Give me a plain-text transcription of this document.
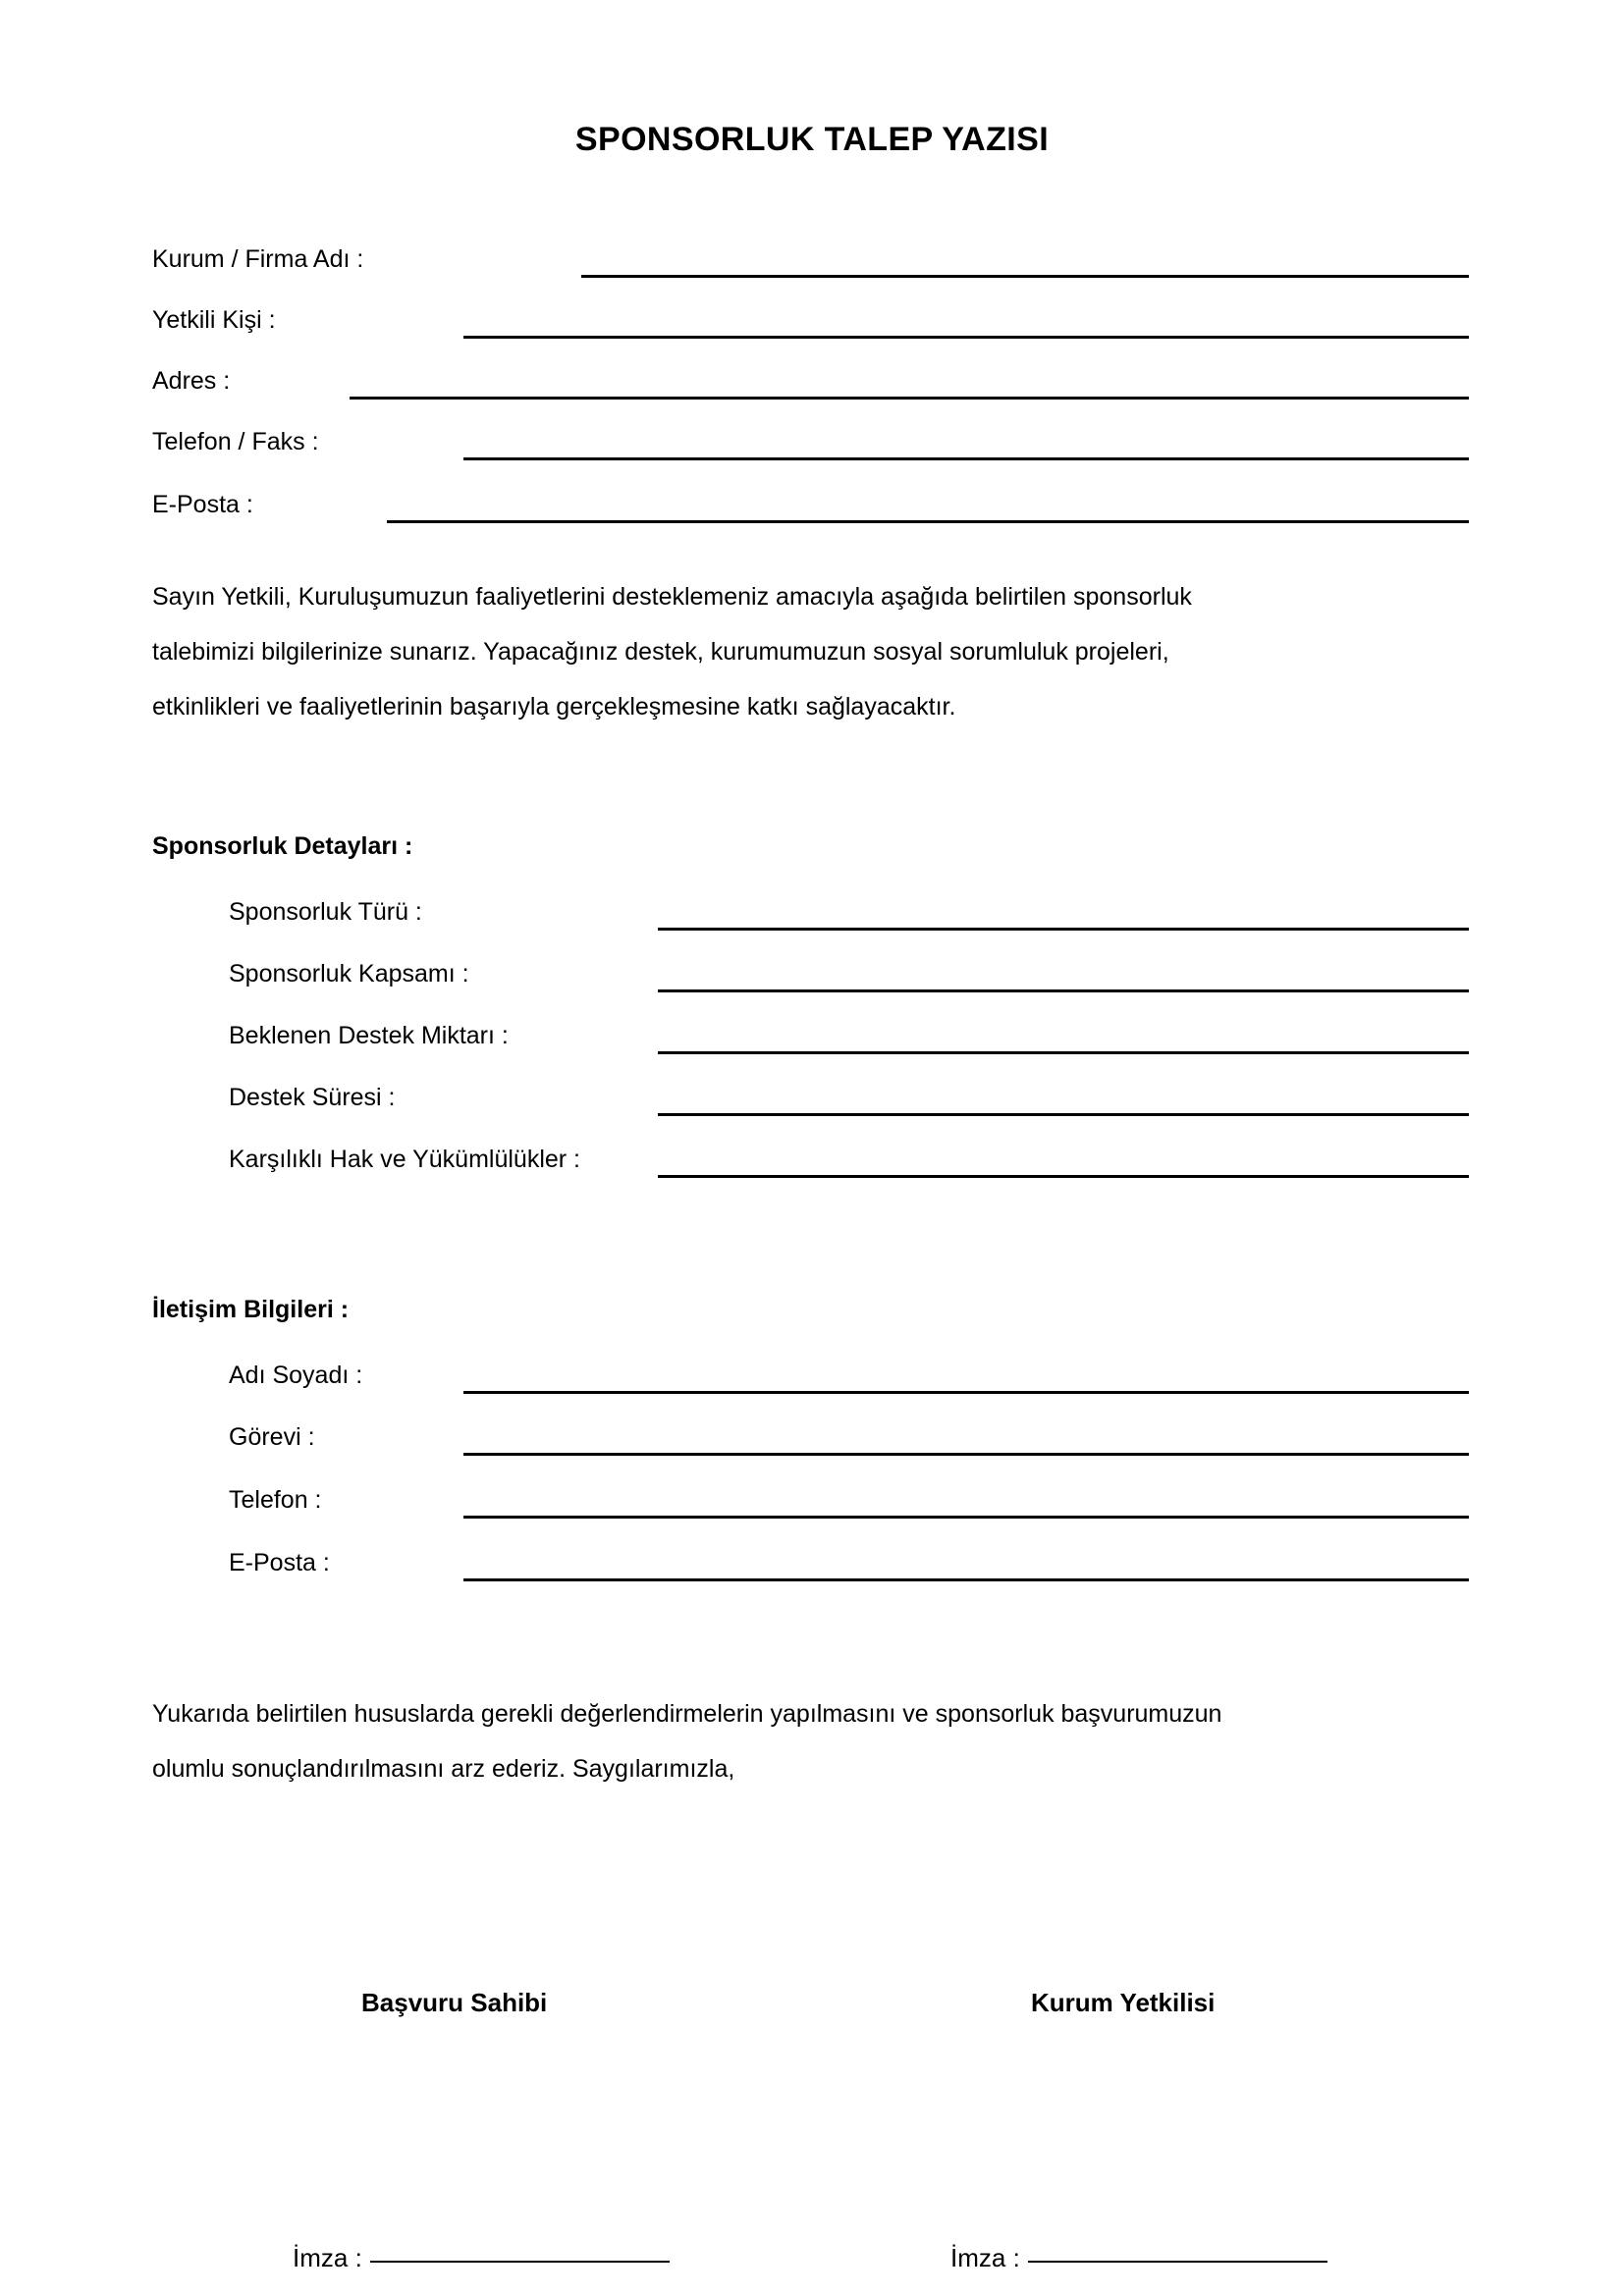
SPONSORLUK TALEP YAZISI
Kurum / Firma Adı :
Yetkili Kişi :
Adres :
Telefon / Faks :
E-Posta :
Sayın Yetkili, Kuruluşumuzun faaliyetlerini desteklemeniz amacıyla aşağıda belirtilen sponsorluk
talebimizi bilgilerinize sunarız. Yapacağınız destek, kurumumuzun sosyal sorumluluk projeleri,
etkinlikleri ve faaliyetlerinin başarıyla gerçekleşmesine katkı sağlayacaktır.
Sponsorluk Detayları :
Sponsorluk Türü :
Sponsorluk Kapsamı :
Beklenen Destek Miktarı :
Destek Süresi :
Karşılıklı Hak ve Yükümlülükler :
İletişim Bilgileri :
Adı Soyadı :
Görevi :
Telefon :
E-Posta :
Yukarıda belirtilen hususlarda gerekli değerlendirmelerin yapılmasını ve sponsorluk başvurumuzun
olumlu sonuçlandırılmasını arz ederiz. Saygılarımızla,
Başvuru Sahibi	Kurum Yetkilisi
İmza :	İmza :
